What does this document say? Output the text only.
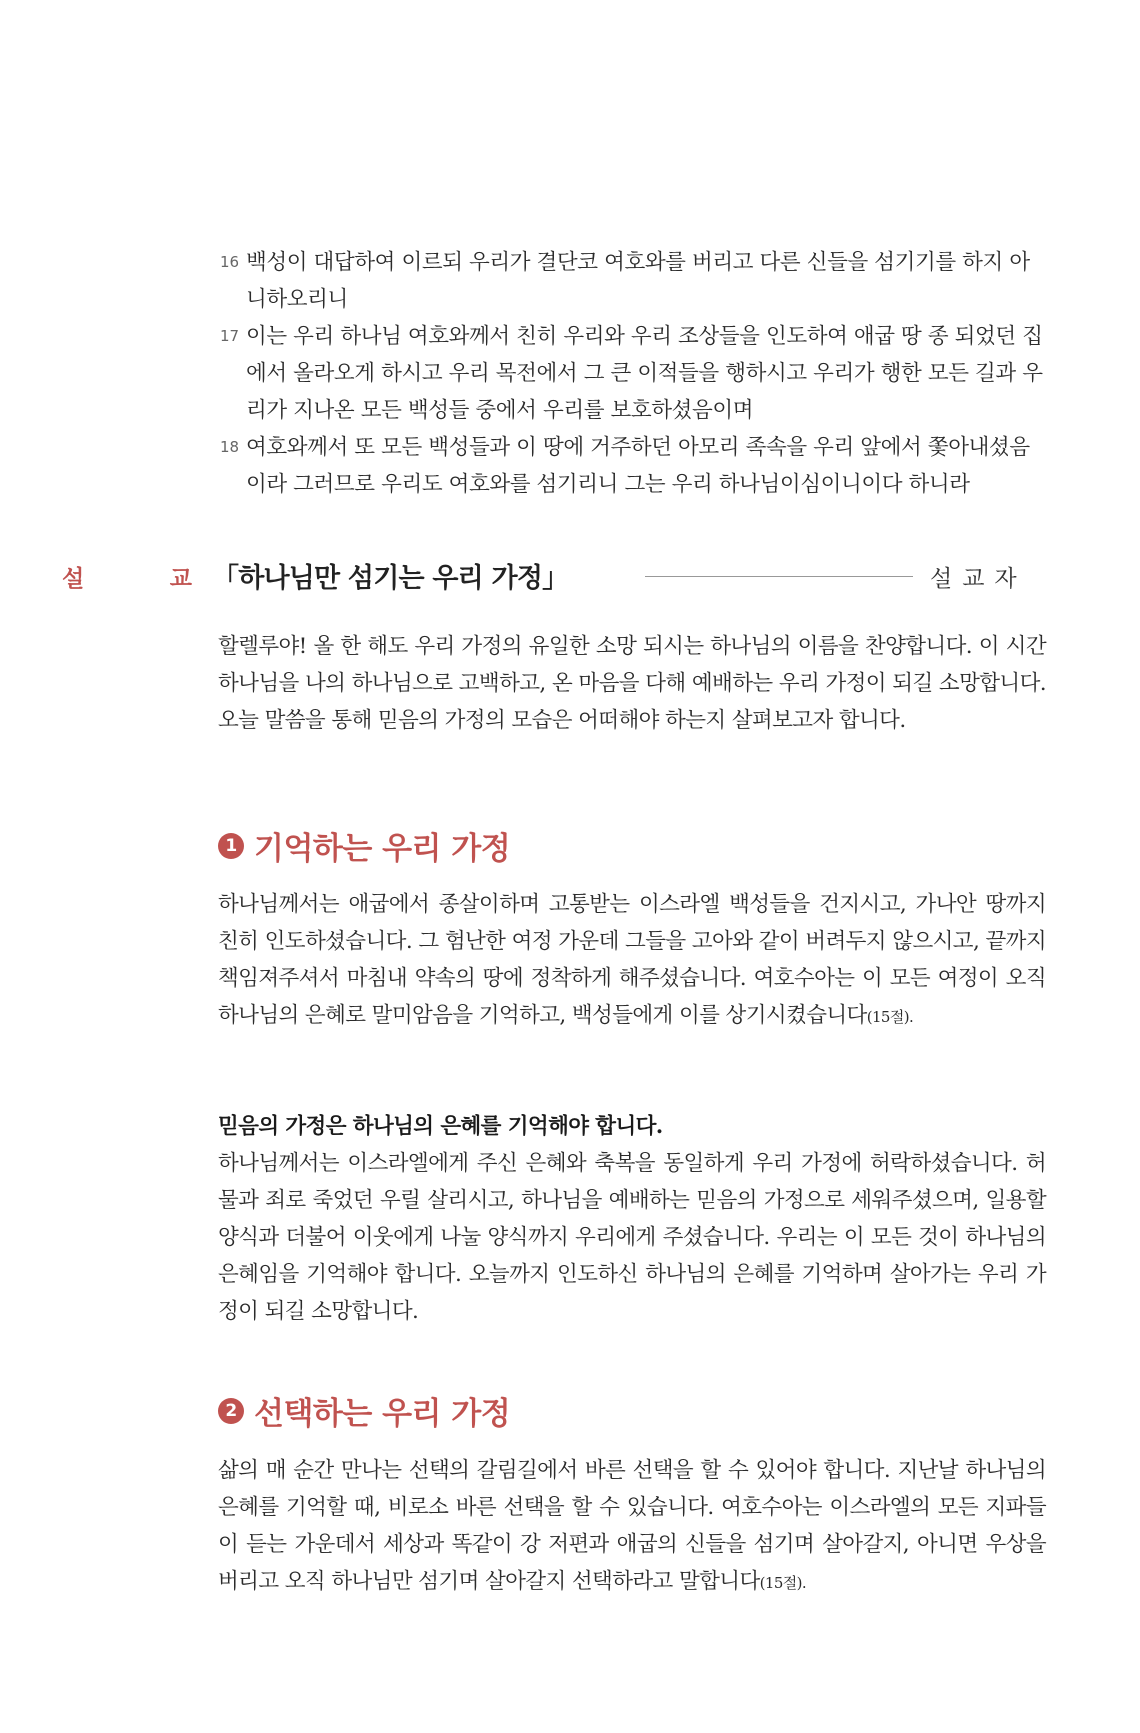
16 백성이 대답하여 이르되 우리가 결단코 여호와를 버리고 다른 신들을 섬기기를 하지 아니하오리니
17 이는 우리 하나님 여호와께서 친히 우리와 우리 조상들을 인도하여 애굽 땅 종 되었던 집에서 올라오게 하시고 우리 목전에서 그 큰 이적들을 행하시고 우리가 행한 모든 길과 우리가 지나온 모든 백성들 중에서 우리를 보호하셨음이며
18 여호와께서 또 모든 백성들과 이 땅에 거주하던 아모리 족속을 우리 앞에서 쫓아내셨음이라 그러므로 우리도 여호와를 섬기리니 그는 우리 하나님이심이니이다 하니라
설	교 「하나님만 섬기는 우리 가정」	설교자

할렐루야! 올 한 해도 우리 가정의 유일한 소망 되시는 하나님의 이름을 찬양합니다. 이 시간 하나님을 나의 하나님으로 고백하고, 온 마음을 다해 예배하는 우리 가정이 되길 소망합니다. 오늘 말씀을 통해 믿음의 가정의 모습은 어떠해야 하는지 살펴보고자 합니다.

1 기억하는 우리 가정

하나님께서는 애굽에서 종살이하며 고통받는 이스라엘 백성들을 건지시고, 가나안 땅까지 친히 인도하셨습니다. 그 험난한 여정 가운데 그들을 고아와 같이 버려두지 않으시고, 끝까지 책임져주셔서 마침내 약속의 땅에 정착하게 해주셨습니다. 여호수아는 이 모든 여정이 오직 하나님의 은혜로 말미암음을 기억하고, 백성들에게 이를 상기시켰습니다(15절).

믿음의 가정은 하나님의 은혜를 기억해야 합니다.

하나님께서는 이스라엘에게 주신 은혜와 축복을 동일하게 우리 가정에 허락하셨습니다. 허물과 죄로 죽었던 우릴 살리시고, 하나님을 예배하는 믿음의 가정으로 세워주셨으며, 일용할 양식과 더불어 이웃에게 나눌 양식까지 우리에게 주셨습니다. 우리는 이 모든 것이 하나님의 은혜임을 기억해야 합니다. 오늘까지 인도하신 하나님의 은혜를 기억하며 살아가는 우리 가정이 되길 소망합니다.

2 선택하는 우리 가정

삶의 매 순간 만나는 선택의 갈림길에서 바른 선택을 할 수 있어야 합니다. 지난날 하나님의 은혜를 기억할 때, 비로소 바른 선택을 할 수 있습니다. 여호수아는 이스라엘의 모든 지파들이 듣는 가운데서 세상과 똑같이 강 저편과 애굽의 신들을 섬기며 살아갈지, 아니면 우상을 버리고 오직 하나님만 섬기며 살아갈지 선택하라고 말합니다(15절).
